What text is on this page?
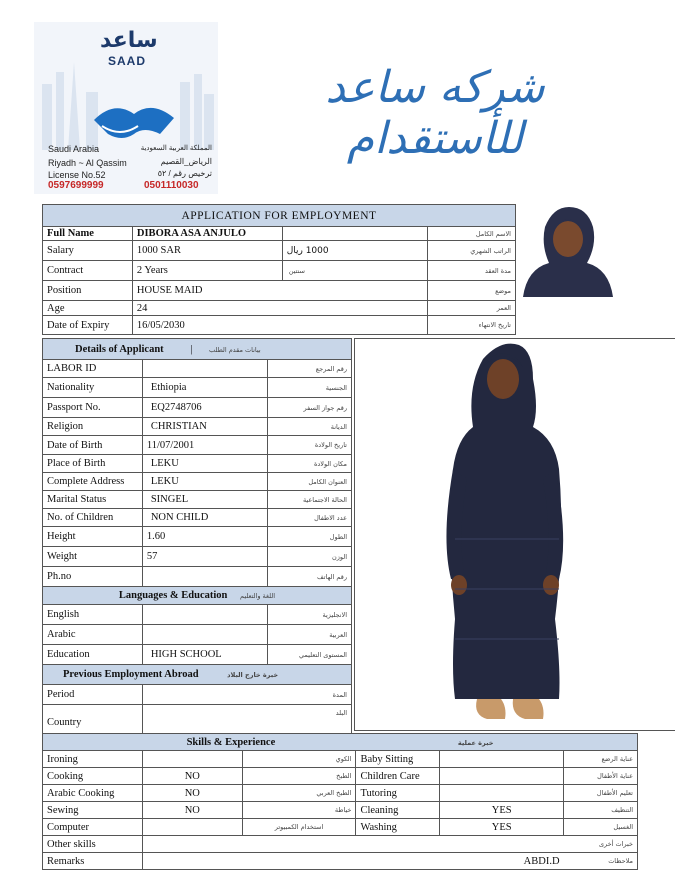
ساعد
SAAD
Saudi Arabia	المملكة العربية السعودية
Riyadh ~ Al Qassim	الرياض_القصيم
License No.52	ترخيص رقم / ٥٢
0597699999	0501110030
شركه ساعد للأستقدام
APPLICATION FOR EMPLOYMENT			
Full Name	DIBORA ASA ANJULO		الاسم الكامل
Salary	1000 SAR	1000 ريال	الراتب الشهري
Contract	2 Years	سنتين	مدة العقد
Position	HOUSE MAID		موضع
Age	24		العمر
Date of Expiry	16/05/2030		تاريخ الانتهاء
Details of Applicant | بيانات مقدم الطلب		
LABOR ID		رقم المرجع
Nationality	Ethiopia	الجنسية
Passport No.	EQ2748706	رقم جواز السفر
Religion	CHRISTIAN	الديانة
Date of Birth	11/07/2001	تاريخ الولادة
Place of Birth	LEKU	مكان الولادة
Complete Address	LEKU	العنوان الكامل
Marital Status	SINGEL	الحالة الاجتماعية
No. of Children	NON CHILD	عدد الاطفال
Height	1.60	الطول
Weight	57	الوزن
Ph.no		رقم الهاتف
Languages & Education اللغة والتعليم		
English		الانجليزية
Arabic		العربية
Education	HIGH SCHOOL	المستوى التعليمي
Previous Employment Abroad خبرة خارج البلاد		
Period		المدة
Country		البلد
Skills & Experience خبرة عملية					
Ironing		الكوي	Baby Sitting		عناية الرضع
Cooking	NO	الطبخ	Children Care		عناية الأطفال
Arabic Cooking	NO	الطبخ العربي	Tutoring		تعليم الأطفال
Sewing	NO	خياطة	Cleaning	YES	التنظيف
Computer		استخدام الكمبيوتر	Washing	YES	الغسيل
Other skills					خبرات أخرى
Remarks	ABDI.D				ملاحظات
